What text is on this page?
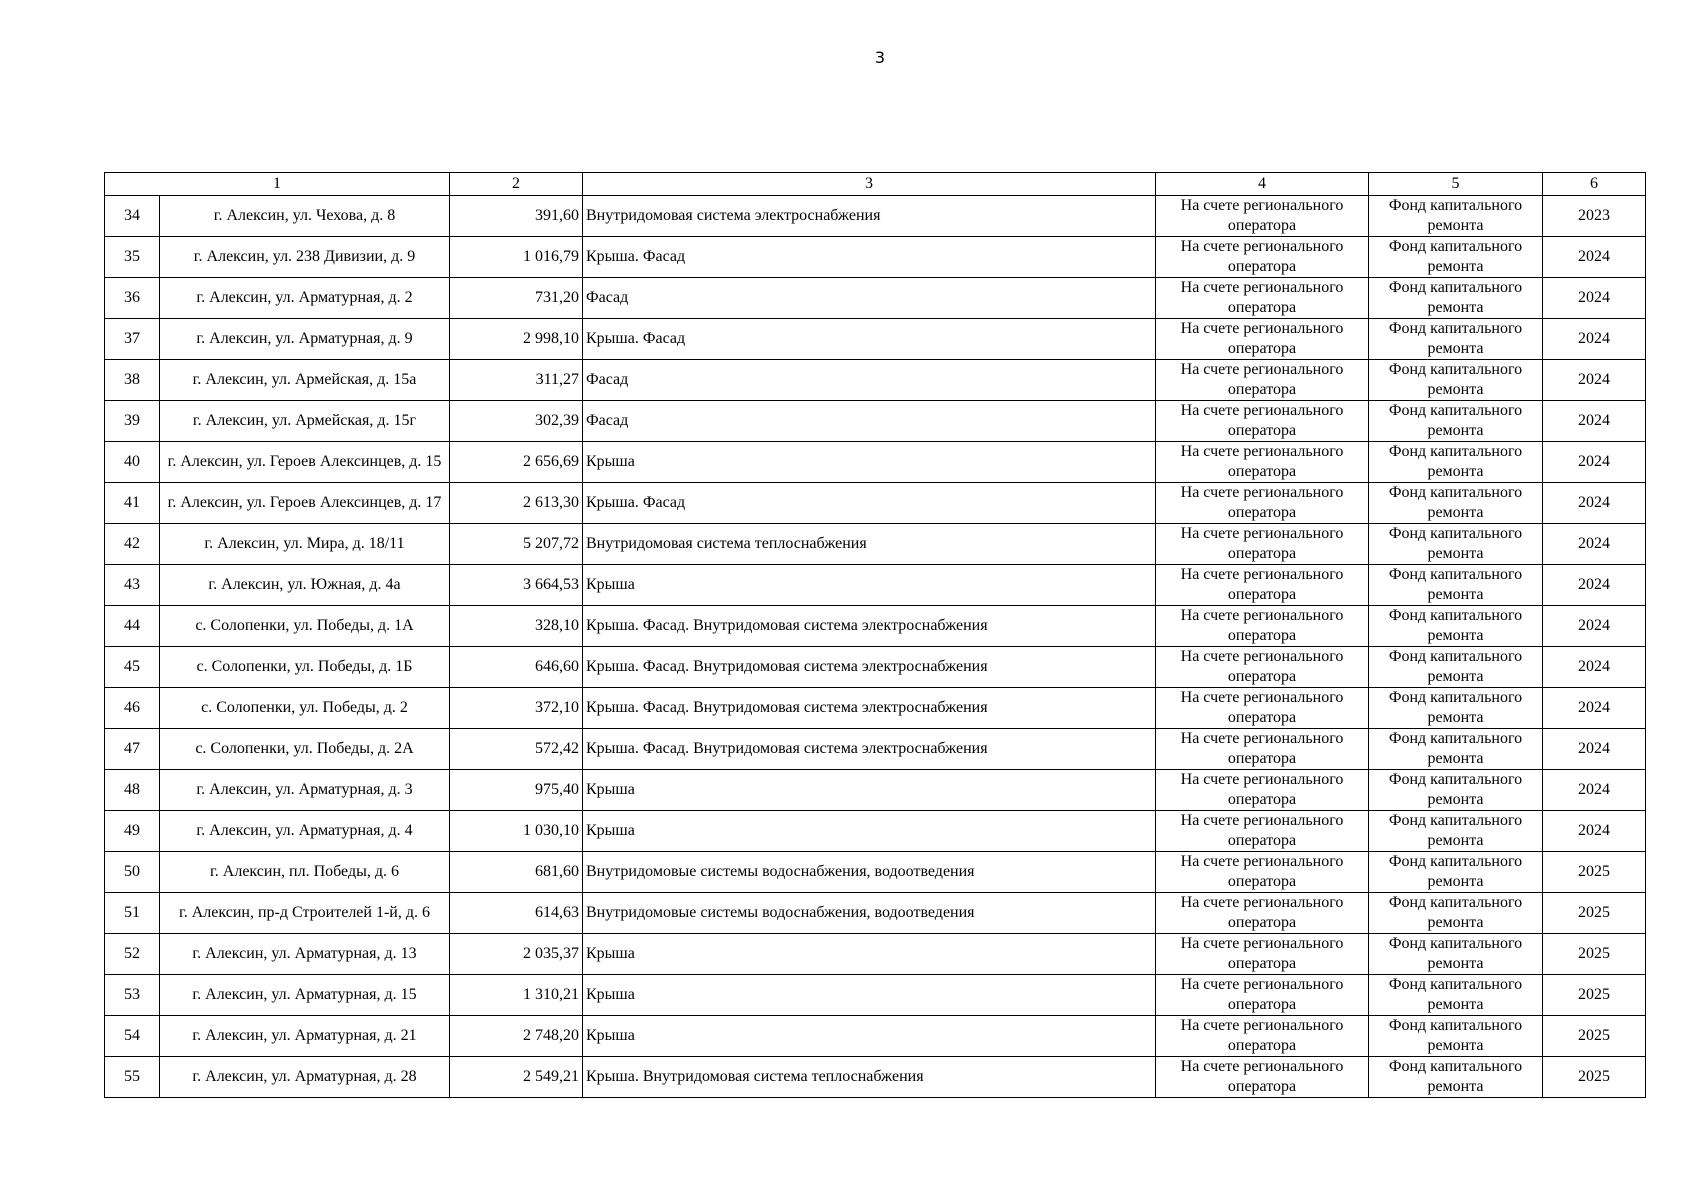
3
1		2	3	4	5	6
34	г. Алексин, ул. Чехова, д. 8	391,60	Внутридомовая система электроснабжения	На счете регионального оператора	Фонд капитального ремонта	2023
35	г. Алексин, ул. 238 Дивизии, д. 9	1 016,79	Крыша. Фасад	На счете регионального оператора	Фонд капитального ремонта	2024
36	г. Алексин, ул. Арматурная, д. 2	731,20	Фасад	На счете регионального оператора	Фонд капитального ремонта	2024
37	г. Алексин, ул. Арматурная, д. 9	2 998,10	Крыша. Фасад	На счете регионального оператора	Фонд капитального ремонта	2024
38	г. Алексин, ул. Армейская, д. 15а	311,27	Фасад	На счете регионального оператора	Фонд капитального ремонта	2024
39	г. Алексин, ул. Армейская, д. 15г	302,39	Фасад	На счете регионального оператора	Фонд капитального ремонта	2024
40	г. Алексин, ул. Героев Алексинцев, д. 15	2 656,69	Крыша	На счете регионального оператора	Фонд капитального ремонта	2024
41	г. Алексин, ул. Героев Алексинцев, д. 17	2 613,30	Крыша. Фасад	На счете регионального оператора	Фонд капитального ремонта	2024
42	г. Алексин, ул. Мира, д. 18/11	5 207,72	Внутридомовая система теплоснабжения	На счете регионального оператора	Фонд капитального ремонта	2024
43	г. Алексин, ул. Южная, д. 4а	3 664,53	Крыша	На счете регионального оператора	Фонд капитального ремонта	2024
44	с. Солопенки, ул. Победы, д. 1А	328,10	Крыша. Фасад. Внутридомовая система электроснабжения	На счете регионального оператора	Фонд капитального ремонта	2024
45	с. Солопенки, ул. Победы, д. 1Б	646,60	Крыша. Фасад. Внутридомовая система электроснабжения	На счете регионального оператора	Фонд капитального ремонта	2024
46	с. Солопенки, ул. Победы, д. 2	372,10	Крыша. Фасад. Внутридомовая система электроснабжения	На счете регионального оператора	Фонд капитального ремонта	2024
47	с. Солопенки, ул. Победы, д. 2А	572,42	Крыша. Фасад. Внутридомовая система электроснабжения	На счете регионального оператора	Фонд капитального ремонта	2024
48	г. Алексин, ул. Арматурная, д. 3	975,40	Крыша	На счете регионального оператора	Фонд капитального ремонта	2024
49	г. Алексин, ул. Арматурная, д. 4	1 030,10	Крыша	На счете регионального оператора	Фонд капитального ремонта	2024
50	г. Алексин, пл. Победы, д. 6	681,60	Внутридомовые системы водоснабжения, водоотведения	На счете регионального оператора	Фонд капитального ремонта	2025
51	г. Алексин, пр-д Строителей 1-й, д. 6	614,63	Внутридомовые системы водоснабжения, водоотведения	На счете регионального оператора	Фонд капитального ремонта	2025
52	г. Алексин, ул. Арматурная, д. 13	2 035,37	Крыша	На счете регионального оператора	Фонд капитального ремонта	2025
53	г. Алексин, ул. Арматурная, д. 15	1 310,21	Крыша	На счете регионального оператора	Фонд капитального ремонта	2025
54	г. Алексин, ул. Арматурная, д. 21	2 748,20	Крыша	На счете регионального оператора	Фонд капитального ремонта	2025
55	г. Алексин, ул. Арматурная, д. 28	2 549,21	Крыша. Внутридомовая система теплоснабжения	На счете регионального оператора	Фонд капитального ремонта	2025
